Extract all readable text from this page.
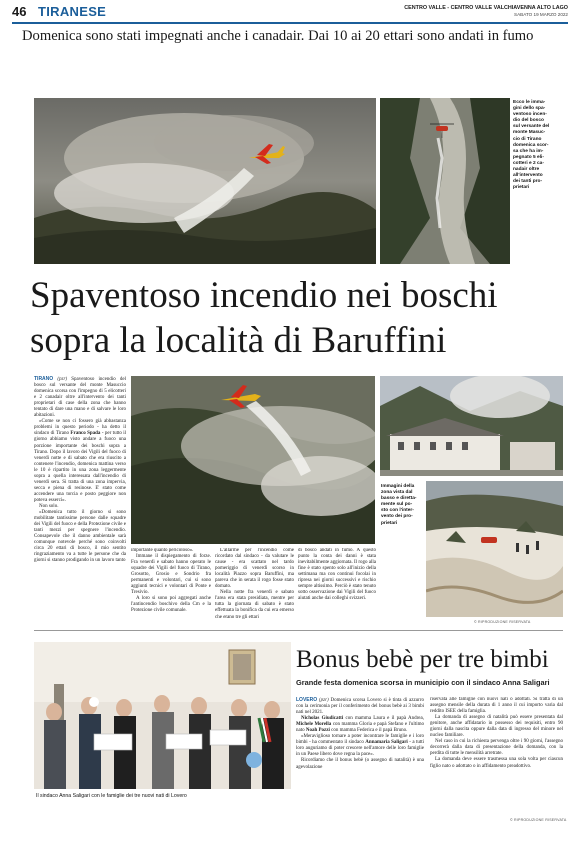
46 TIRANESE	CENTRO VALLE - CENTRO VALLE VALCHIAVENNA ALTO LAGO
SABATO 19 MARZO 2022
Domenica sono stati impegnati anche i canadair. Dai 10 ai 20 ettari sono andati in fumo
Ecco le imma-
gini dello spa-
ventoso incen-
dio del bosco
sul versante del
monte Masuc-
cio di Tirano
domenica scor-
sa che ha im-
pegnato 5 eli-
cotteri e 2 ca-
nadair oltre
all'intervento
dei tanti pro-
prietari
Spaventoso incendio nei boschi
sopra la località di Baruffini

TIRANO (pzr) Spaventoso incendio del bosco sul versante del monte Masuccio domenica scorsa con l'impegno di 5 elicotteri e 2 canadair oltre all'intervento dei tanti proprietari di case della zona che hanno tentato di dare una mano e di salvare le loro abitazioni.

«Come se non ci fossero già abbastanza problemi in questo periodo - ha detto il sindaco di Tirano Franco Spada - per tutto il giorno abbiamo visto andare a fuoco una porzione importante dei boschi sopra a Tirano. Dopo il lavoro dei Vigili del fuoco di venerdì notte e di sabato che era riuscito a contenere l'incendio, domenica mattina verso le 10 è ripartito in una zona leggermente sopra a quella interessata dall'incendio di venerdì sera. Si tratta di una zona impervia, secca e piena di resinose. E' stato come accendere una torcia e posto peggiore non poteva esserci».

Non solo.

«Domenica tutto il giorno si sono mobilitate tantissime persone dalle squadre dei Vigili del fuoco e della Protezione civile e tanti mezzi per spegnere l'incendio. Consapevole che il danno ambientale sarà comunque notevole perché sono coinvolti circa 20 ettari di bosco, il mio sentito ringraziamento va a tutte le persone che da giorni si stanno prodigando in un lavoro tanto

Immagini della
zona vista dal
basso e diretta-
mente sul po-
sto con l'inter-
vento dei pro-
prietari
© RIPRODUZIONE RISERVATA

importante quanto pericoloso».

Immane il dispiegamento di forze. Fra venerdì e sabato hanno operato le squadre dei Vigili del fuoco di Tirano, Grosotto, Grosio e Sondrio fra permanenti e volontari, cui si sono aggiunti tecnici e volontari di Ponte e Tresivio.

A loro si sono poi aggregati anche l'antincendio boschivo della Cm e la Protezione civile comunale.

L'allarme per l'incendio come ricordato dal sindaco - da valutare le cause - era scattato nel tardo pomeriggio di venerdì scorso in località Piazzo sopra Baruffini, ma pareva che in serata il rogo fosse stato domato.

Nella notte fra venerdì e sabato l'area era stata presidiata, mentre per tutta la giornata di sabato è stato effettuata la bonifica da cui era emerso che erano tre gli ettari

di bosco andati in fumo. A questo punto la conta dei danni è stata inevitabilmente aggiornata. Il rogo alla fine è stato spento solo all'inizio della settimana ma con continui focolai in ripresa nei giorni successivi e rischio sempre altissimo. Perciò è stato tenuto sotto osservazione dai Vigili del fuoco aiutati anche dai colleghi svizzeri.

Il sindaco Anna Saligari con le famiglie dei tre nuovi nati di Lovero
Bonus bebè per tre bimbi
Grande festa domenica scorsa in municipio con il sindaco Anna Saligari

LOVERO (pzr) Domenica scorsa Lovero si è tinta di azzurro con la cerimonia per il conferimento del bonus bebè ai 3 bimbi nati nel 2021.

Nicholas Giudicatti con mamma Laura e il papà Andrea, Michele Morella con mamma Gloria e papà Stefano e l'ultimo nato Noah Pozzi con mamma Federica e il papà Bruno.

«Meraviglioso tornare a poter incontrare le famiglie e i loro bimbi - ha commentato il sindaco Annamaria Saligari - a tutti loro auguriamo di poter crescere nell'amore delle loro famiglie in un Paese libero dove regna la pace».

Ricordiamo che il bonus bebè (o assegno di natalità) è una agevolazione

riservata alle famiglie con nuovi nati o adottati. Si tratta di un assegno mensile della durata di 1 anno il cui importo varia dal reddito ISEE della famiglia.

La domanda di assegno di natalità può essere presentata dal genitore, anche affidatario in possesso dei requisiti, entro 90 giorni dalla nascita oppure dalla data di ingresso del minore nel nucleo familiare.

Nel caso in cui la richiesta pervenga oltre i 90 giorni, l'assegno decorrerà dalla data di presentazione della domanda, con la perdita di tutte le mensilità arretrate.

La domanda deve essere trasmessa una sola volta per ciascun figlio nato o adottato o in affidamento preadottivo.

© RIPRODUZIONE RISERVATA
